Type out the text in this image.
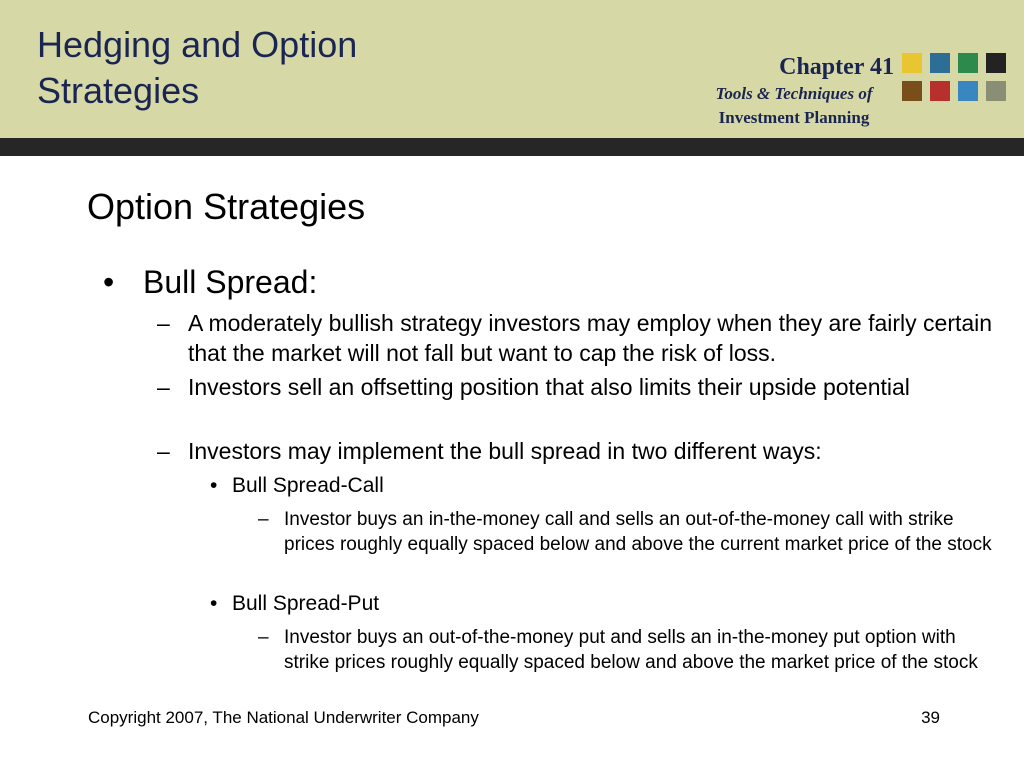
Hedging and Option
Strategies
Chapter 41
Tools & Techniques of
Investment Planning
Option Strategies
• Bull Spread:
– A moderately bullish strategy investors may employ when they are fairly certain that the market will not fall but want to cap the risk of loss.
– Investors sell an offsetting position that also limits their upside potential
– Investors may implement the bull spread in two different ways:
• Bull Spread-Call
– Investor buys an in-the-money call and sells an out-of-the-money call with strike prices roughly equally spaced below and above the current market price of the stock
• Bull Spread-Put
– Investor buys an out-of-the-money put and sells an in-the-money put option with strike prices roughly equally spaced below and above the market price of the stock
Copyright 2007, The National Underwriter Company	39
